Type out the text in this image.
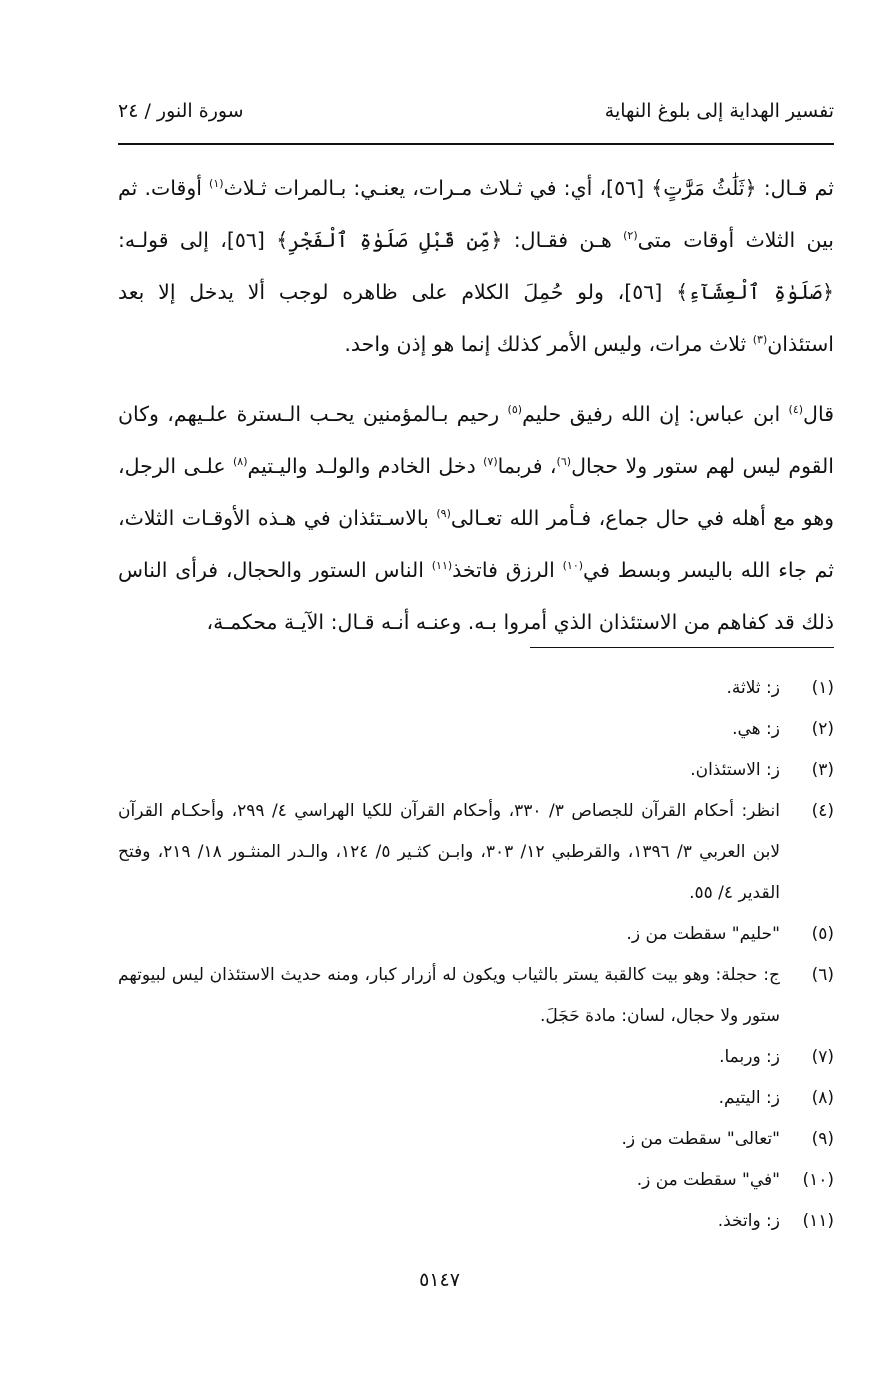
تفسير الهداية إلى بلوغ النهاية
سورة النور / ٢٤

ثم قـال: ﴿ثَلَٰثُ مَرَّٰتٍ﴾ [٥٦]، أي: في ثـلاث مـرات، يعنـي: بـالمرات ثـلاث$^{(١)}$ أوقات. ثم بين الثلاث أوقات متى$^{(٢)}$ هـن فقـال: ﴿مِّن قَبْلِ صَلَوٰةِ ٱلْفَجْرِ﴾ [٥٦]، إلى قولـه: ﴿صَلَوٰةِ ٱلْعِشَآءِ﴾ [٥٦]، ولو حُمِلَ الكلام على ظاهره لوجب ألا يدخل إلا بعد استئذان$^{(٣)}$ ثلاث مرات، وليس الأمر كذلك إنما هو إذن واحد.

قال$^{(٤)}$ ابن عباس: إن الله رفيق حليم$^{(٥)}$ رحيم بـالمؤمنين يحـب الـسترة علـيهم، وكان القوم ليس لهم ستور ولا حجال$^{(٦)}$، فربما$^{(٧)}$ دخل الخادم والولـد واليـتيم$^{(٨)}$ علـى الرجل، وهو مع أهله في حال جماع، فـأمر الله تعـالى$^{(٩)}$ بالاسـتئذان في هـذه الأوقـات الثلاث، ثم جاء الله باليسر وبسط في$^{(١٠)}$ الرزق فاتخذ$^{(١١)}$ الناس الستور والحجال، فرأى الناس ذلك قد كفاهم من الاستئذان الذي أمروا بـه. وعنـه أنـه قـال: الآيـة محكمـة،

(١)
ز: ثلاثة.
(٢)
ز: هي.
(٣)
ز: الاستئذان.
(٤)
انظر: أحكام القرآن للجصاص ٣/ ٣٣٠، وأحكام القرآن للكيا الهراسي ٤/ ٢٩٩، وأحكـام القرآن لابن العربي ٣/ ١٣٩٦، والقرطبي ١٢/ ٣٠٣، وابـن كثـير ٥/ ١٢٤، والـدر المنثـور ١٨/ ٢١٩، وفتح القدير ٤/ ٥٥.
(٥)
"حليم" سقطت من ز.
(٦)
ج: حجلة: وهو بيت كالقبة يستر بالثياب ويكون له أزرار كبار، ومنه حديث الاستئذان ليس لبيوتهم ستور ولا حجال، لسان: مادة حَجَلَ.
(٧)
ز: وربما.
(٨)
ز: اليتيم.
(٩)
"تعالى" سقطت من ز.
(١٠)
"في" سقطت من ز.
(١١)
ز: واتخذ.
٥١٤٧
